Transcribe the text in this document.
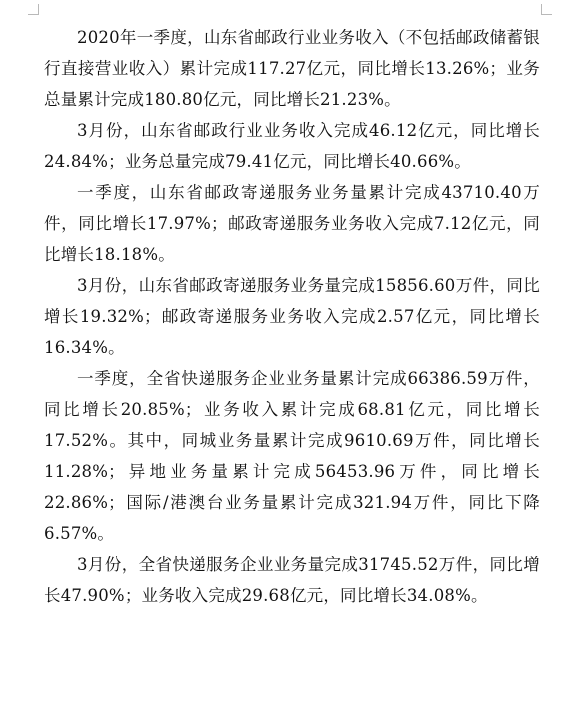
2020年一季度，山东省邮政行业业务收入（不包括邮政储蓄银行直接营业收入）累计完成117.27亿元，同比增长13.26%；业务总量累计完成180.80亿元，同比增长21.23%。

3月份，山东省邮政行业业务收入完成46.12亿元，同比增长24.84%；业务总量完成79.41亿元，同比增长40.66%。

一季度，山东省邮政寄递服务业务量累计完成43710.40万件，同比增长17.97%；邮政寄递服务业务收入完成7.12亿元，同比增长18.18%。

3月份，山东省邮政寄递服务业务量完成15856.60万件，同比增长19.32%；邮政寄递服务业务收入完成2.57亿元，同比增长16.34%。

一季度，全省快递服务企业业务量累计完成66386.59万件，同比增长20.85%；业务收入累计完成68.81亿元，同比增长17.52%。其中，同城业务量累计完成9610.69万件，同比增长11.28%；异地业务量累计完成56453.96万件，同比增长22.86%；国际/港澳台业务量累计完成321.94万件，同比下降6.57%。

3月份，全省快递服务企业业务量完成31745.52万件，同比增长47.90%；业务收入完成29.68亿元，同比增长34.08%。
